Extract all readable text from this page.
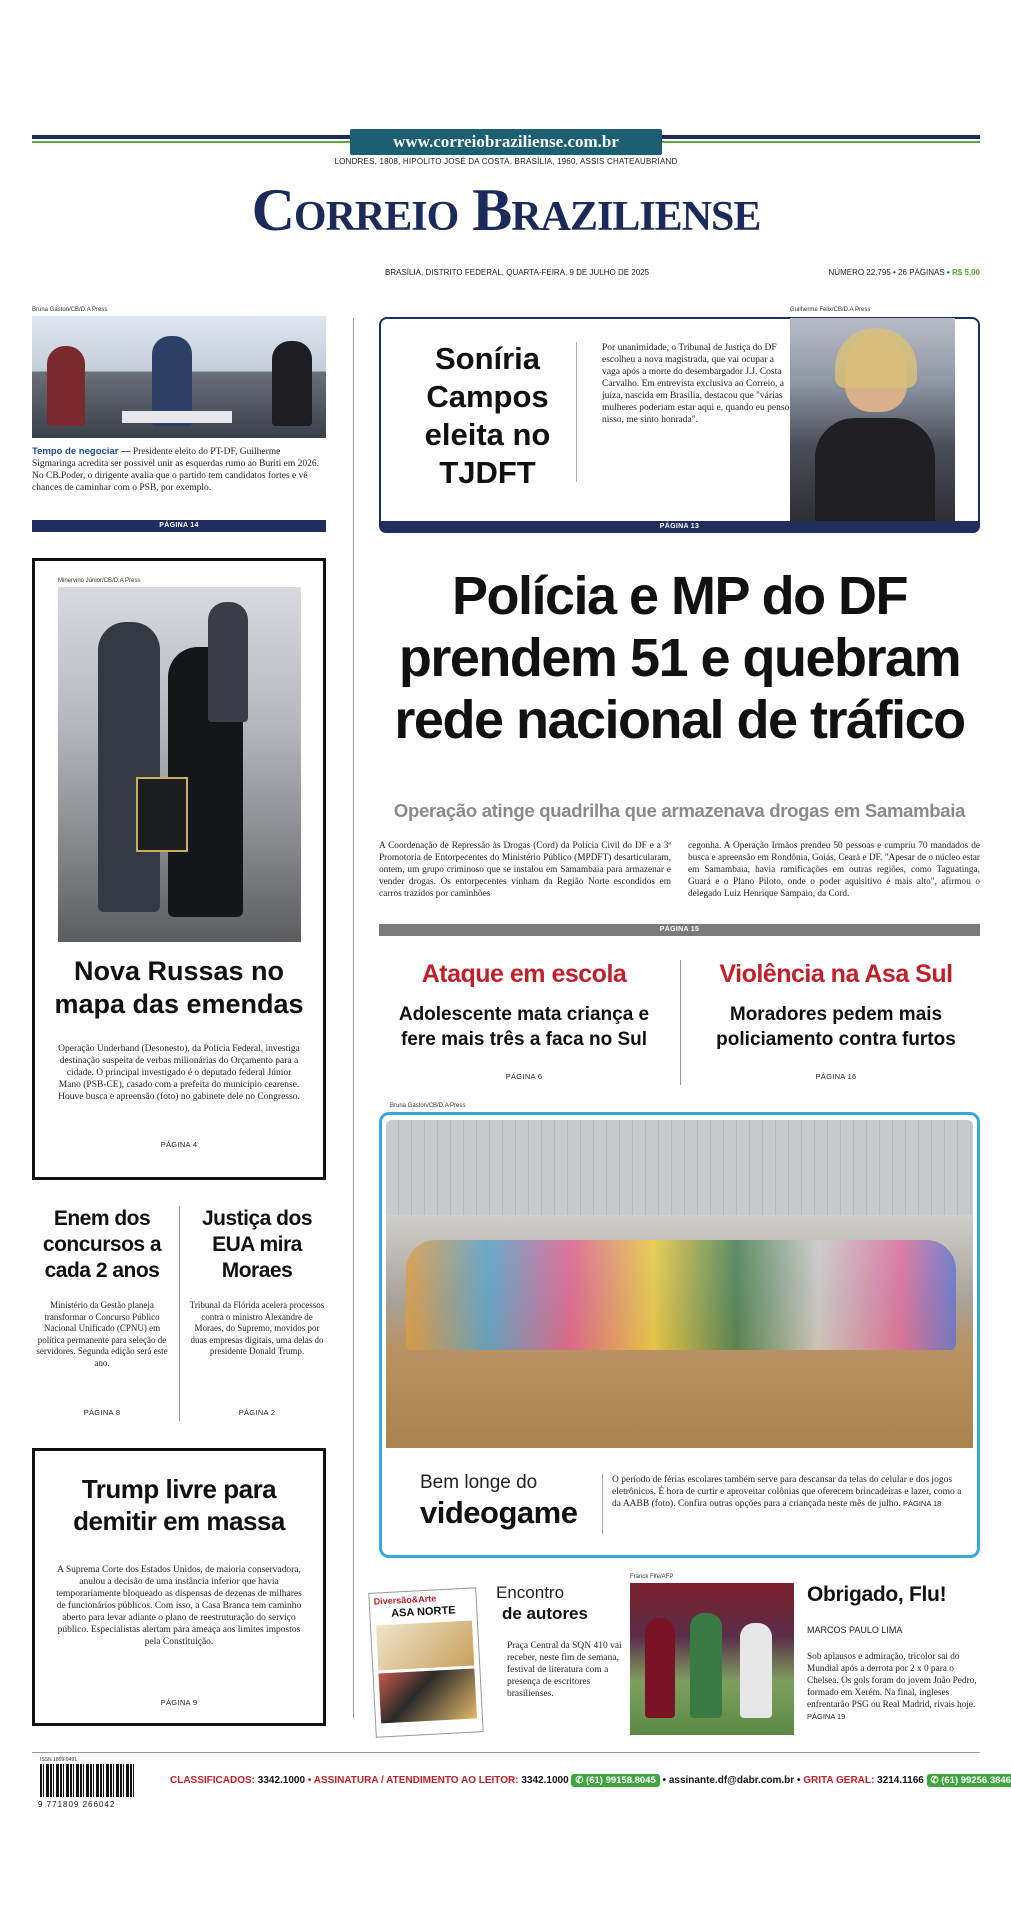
www.correiobraziliense.com.br
LONDRES, 1808, HIPÓLITO JOSÉ DA COSTA. BRASÍLIA, 1960, ASSIS CHATEAUBRIAND
Correio Braziliense
BRASÍLIA, DISTRITO FEDERAL, QUARTA-FEIRA, 9 DE JULHO DE 2025	NÚMERO 22.795 • 26 PÁGINAS • R$ 5,00
Bruna Gaston/CB/D.A Press
Tempo de negociar — Presidente eleito do PT-DF, Guilherme Sigmaringa acredita ser possível unir as esquerdas rumo ao Buriti em 2026. No CB.Poder, o dirigente avalia que o partido tem candidatos fortes e vê chances de caminhar com o PSB, por exemplo.
PÁGINA 14
Guilherme Felix/CB/D.A Press
Soníria Campos eleita no TJDFT
Por unanimidade, o Tribunal de Justiça do DF escolheu a nova magistrada, que vai ocupar a vaga após a morte do desembargador J.J. Costa Carvalho. Em entrevista exclusiva ao Correio, a juíza, nascida em Brasília, destacou que "várias mulheres poderiam estar aqui e, quando eu penso nisso, me sinto honrada".
PÁGINA 13
Minervino Júnior/CB/D.A Press
Nova Russas no mapa das emendas
Operação Underhand (Desonesto), da Polícia Federal, investiga destinação suspeita de verbas milionárias do Orçamento para a cidade. O principal investigado é o deputado federal Júnior Mano (PSB-CE), casado com a prefeita do município cearense. Houve busca e apreensão (foto) no gabinete dele no Congresso.
PÁGINA 4
Polícia e MP do DF prendem 51 e quebram rede nacional de tráfico
Operação atinge quadrilha que armazenava drogas em Samambaia
A Coordenação de Repressão às Drogas (Cord) da Polícia Civil do DF e a 3ª Promotoria de Entorpecentes do Ministério Público (MPDFT) desarticularam, ontem, um grupo criminoso que se instalou em Samambaia para armazenar e vender drogas. Os entorpecentes vinham da Região Norte escondidos em carros trazidos por caminhões
cegonha. A Operação Irmãos prendeu 50 pessoas e cumpriu 70 mandados de busca e apreensão em Rondônia, Goiás, Ceará e DF. "Apesar de o núcleo estar em Samambaia, havia ramificações em outras regiões, como Taguatinga, Guará e o Plano Piloto, onde o poder aquisitivo é mais alto", afirmou o delegado Luiz Henrique Sampaio, da Cord.
PÁGINA 15
Ataque em escola
Adolescente mata criança e fere mais três a faca no Sul
PÁGINA 6
Violência na Asa Sul
Moradores pedem mais policiamento contra furtos
PÁGINA 16
Enem dos concursos a cada 2 anos
Ministério da Gestão planeja transformar o Concurso Público Nacional Unificado (CPNU) em política permanente para seleção de servidores. Segunda edição será este ano.
PÁGINA 8
Justiça dos EUA mira Moraes
Tribunal da Flórida acelera processos contra o ministro Alexandre de Moraes, do Supremo, movidos por duas empresas digitais, uma delas do presidente Donald Trump.
PÁGINA 2
Trump livre para demitir em massa
A Suprema Corte dos Estados Unidos, de maioria conservadora, anulou a decisão de uma instância inferior que havia temporariamente bloqueado as dispensas de dezenas de milhares de funcionários públicos. Com isso, a Casa Branca tem caminho aberto para levar adiante o plano de reestruturação do serviço público. Especialistas alertam para ameaça aos limites impostos pela Constituição.
PÁGINA 9
Bruna Gaston/CB/D.A Press
Bem longe do
videogame
O período de férias escolares também serve para descansar da telas do celular e dos jogos eletrônicos. É hora de curtir e aproveitar colônias que oferecem brincadeiras e lazer, como a da AABB (foto). Confira outras opções para a criançada neste mês de julho. PÁGINA 18
Diversão&Arte
ASA NORTE
Encontro
de autores
Praça Central da SQN 410 vai receber, neste fim de semana, festival de literatura com a presença de escritores brasilienses.
Franck Fife/AFP
Obrigado, Flu!
MARCOS PAULO LIMA
Sob aplausos e admiração, tricolor sai do Mundial após a derrota por 2 x 0 para o Chelsea. Os gols foram do jovem João Pedro, formado em Xerém. Na final, ingleses enfrentarão PSG ou Real Madrid, rivais hoje. PÁGINA 19
ISSN 1809-9491
9 771809 266042
CLASSIFICADOS: 3342.1000 • ASSINATURA / ATENDIMENTO AO LEITOR: 3342.1000 ✆ (61) 99158.8045 • assinante.df@dabr.com.br • GRITA GERAL: 3214.1166 ✆ (61) 99256.3846
